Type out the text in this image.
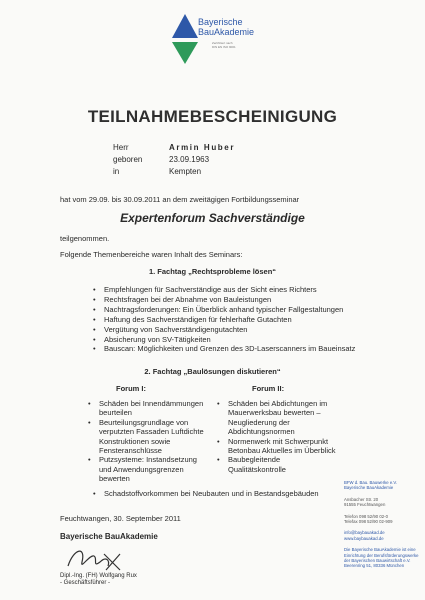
Bayerische
BauAkademie
Zertifiziert nach
DIN EN ISO 9001
TEILNAHMEBESCHEINIGUNG
Herr	Armin Huber
geboren	23.09.1963
in	Kempten
hat vom 29.09. bis 30.09.2011 an dem zweitägigen Fortbildungsseminar
Expertenforum Sachverständige
teilgenommen.
Folgende Themenbereiche waren Inhalt des Seminars:
1. Fachtag „Rechtsprobleme lösen“
• Empfehlungen für Sachverständige aus der Sicht eines Richters
• Rechtsfragen bei der Abnahme von Bauleistungen
• Nachtragsforderungen: Ein Überblick anhand typischer Fallgestaltungen
• Haftung des Sachverständigen für fehlerhafte Gutachten
• Vergütung von Sachverständigengutachten
• Absicherung von SV-Tätigkeiten
• Bauscan: Möglichkeiten und Grenzen des 3D-Laserscanners im Baueinsatz
2. Fachtag „Baulösungen diskutieren“
Forum I:	Forum II:
• Schäden bei Innendämmungen beurteilen
• Beurteilungsgrundlage von verputzten Fassaden Luftdichte Konstruktionen sowie Fensteranschlüsse
• Putzsysteme: Instandsetzung und Anwendungsgrenzen bewerten
• Schäden bei Abdichtungen im Mauerwerksbau bewerten – Neugliederung der Abdichtungsnormen
• Normenwerk mit Schwerpunkt Betonbau Aktuelles im Überblick
• Baubegleitende Qualitätskontrolle
• Schadstoffvorkommen bei Neubauten und in Bestandsgebäuden
Feuchtwangen, 30. September 2011
Bayerische BauAkademie
Dipl.-Ing. (FH) Wolfgang Rux
- Geschäftsführer -
BFW d. Bau. Bauwerke e.V.
Bayerische BauAkademie
Ansbacher Str. 20
91555 Feuchtwangen
Telefon 098 52/90 02-0
Telefax 098 52/90 02-909
info@baybauakad.de
www.baybauakad.de
Die Bayerische BauAkademie ist eine
Einrichtung der Berufsförderungswerke
der Bayerischen Bauwirtschaft e.V.
Beerenring 51, 80336 München
